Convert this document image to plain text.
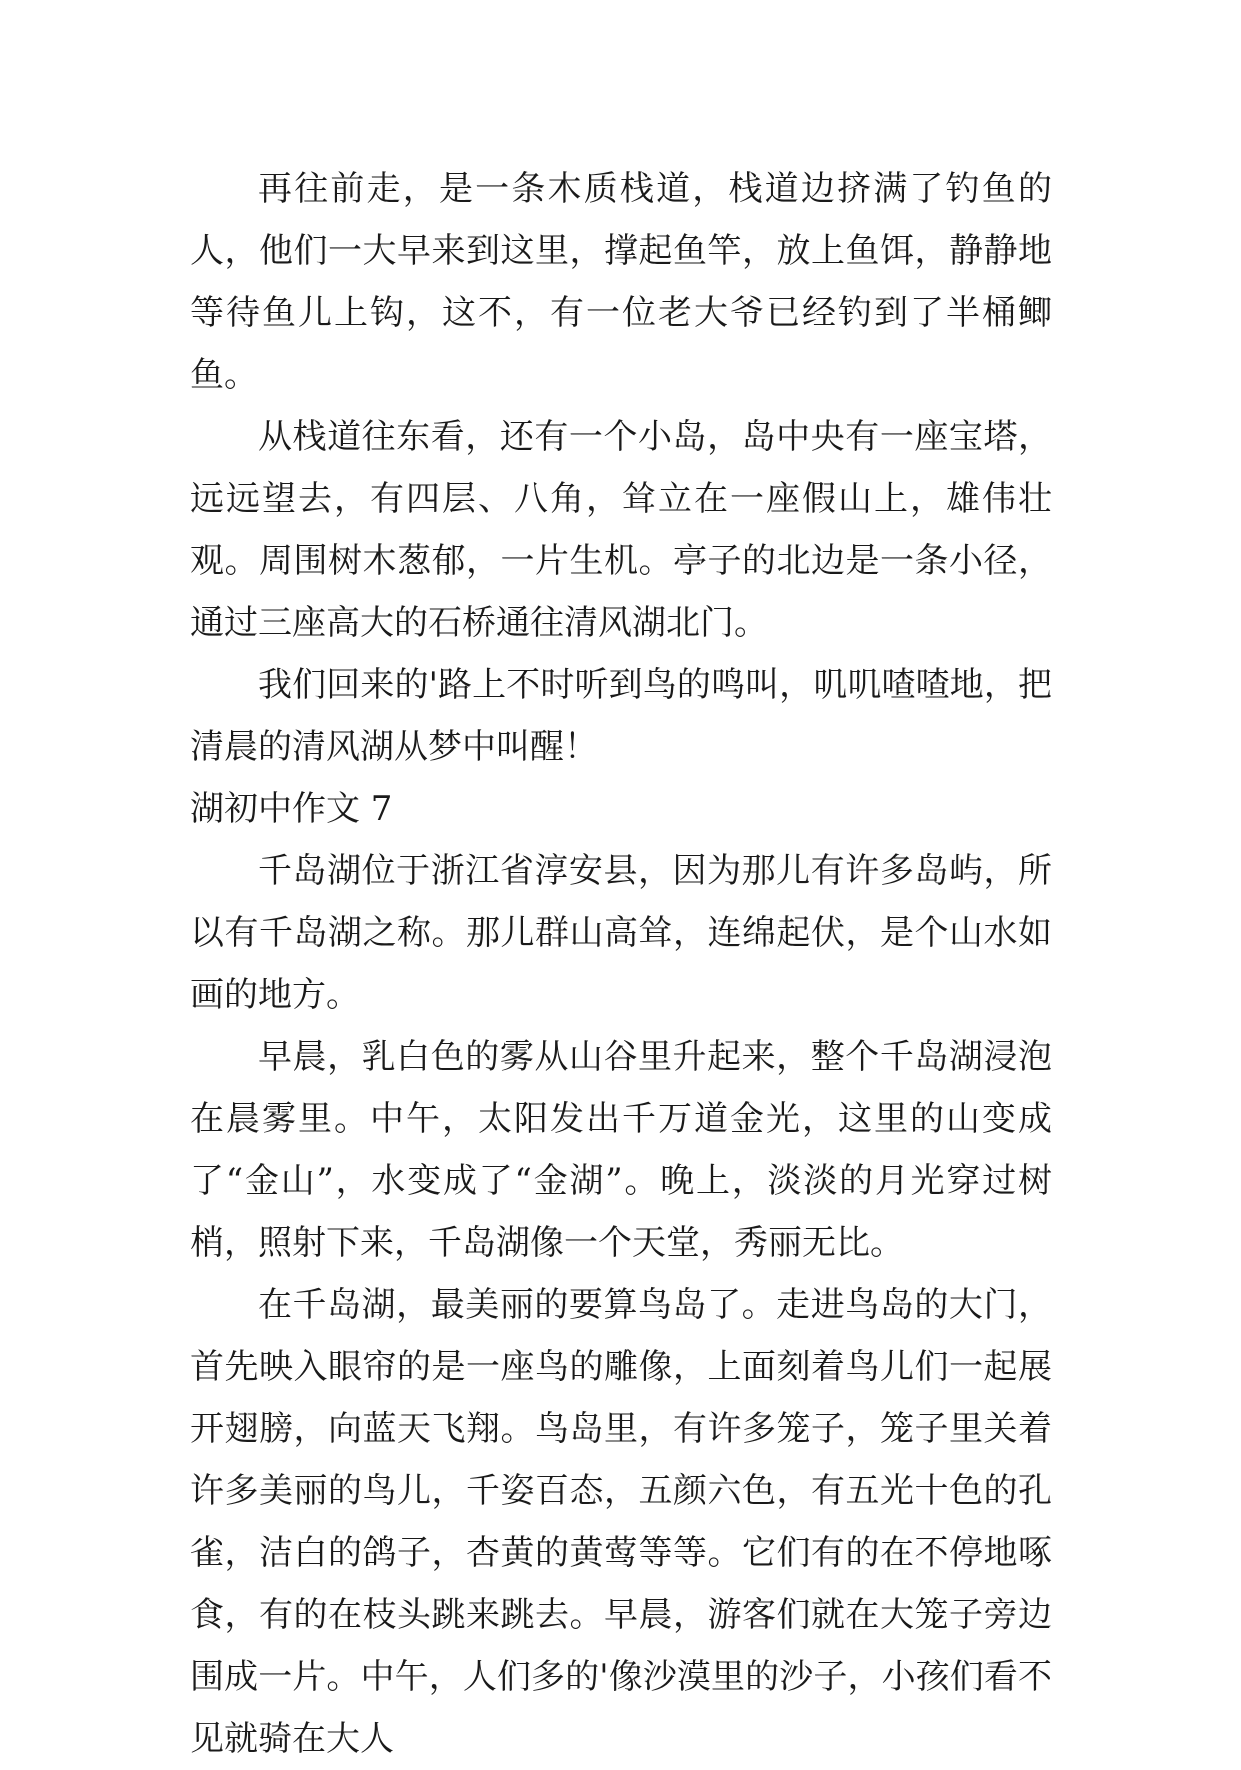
再往前走，是一条木质栈道，栈道边挤满了钓鱼的人，他们一大早来到这里，撑起鱼竿，放上鱼饵，静静地等待鱼儿上钩，这不，有一位老大爷已经钓到了半桶鲫鱼。

从栈道往东看，还有一个小岛，岛中央有一座宝塔，远远望去，有四层、八角，耸立在一座假山上，雄伟壮观。周围树木葱郁，一片生机。亭子的北边是一条小径，通过三座高大的石桥通往清风湖北门。

我们回来的'路上不时听到鸟的鸣叫，叽叽喳喳地，把清晨的清风湖从梦中叫醒！

湖初中作文 7

千岛湖位于浙江省淳安县，因为那儿有许多岛屿，所以有千岛湖之称。那儿群山高耸，连绵起伏，是个山水如画的地方。

早晨，乳白色的雾从山谷里升起来，整个千岛湖浸泡在晨雾里。中午，太阳发出千万道金光，这里的山变成了“金山”，水变成了“金湖”。晚上，淡淡的月光穿过树梢，照射下来，千岛湖像一个天堂，秀丽无比。

在千岛湖，最美丽的要算鸟岛了。走进鸟岛的大门，首先映入眼帘的是一座鸟的雕像，上面刻着鸟儿们一起展开翅膀，向蓝天飞翔。鸟岛里，有许多笼子，笼子里关着许多美丽的鸟儿，千姿百态，五颜六色，有五光十色的孔雀，洁白的鸽子，杏黄的黄莺等等。它们有的在不停地啄食，有的在枝头跳来跳去。早晨，游客们就在大笼子旁边围成一片。中午，人们多的'像沙漠里的沙子，小孩们看不见就骑在大人
